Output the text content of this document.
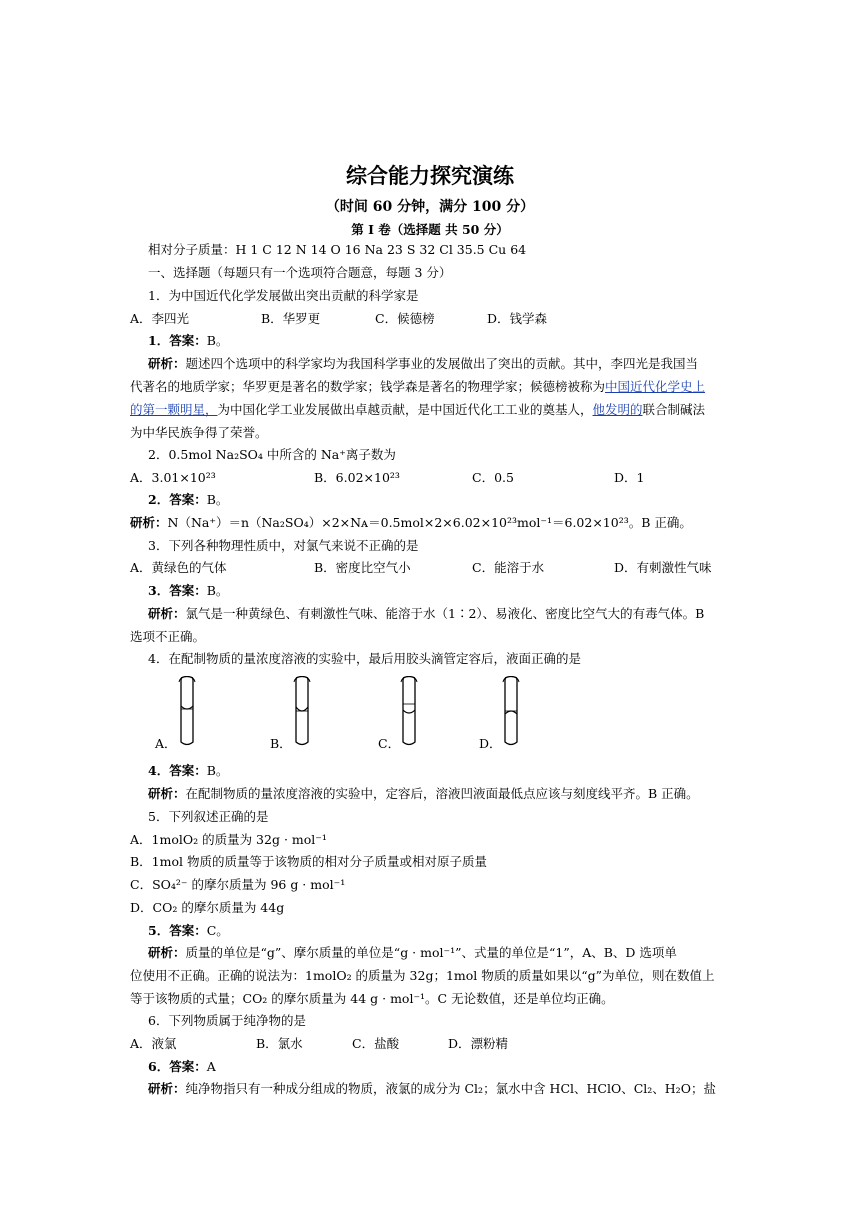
综合能力探究演练
（时间 60 分钟，满分 100 分）
第 I 卷（选择题 共 50 分）
相对分子质量：H 1 C 12 N 14 O 16 Na 23 S 32 Cl 35.5 Cu 64
一、选择题（每题只有一个选项符合题意，每题 3 分）
1．为中国近代化学发展做出突出贡献的科学家是
A．李四光	B．华罗更	C．候德榜	D．钱学森
1．答案：B。
研析：题述四个选项中的科学家均为我国科学事业的发展做出了突出的贡献。其中，李四光是我国当
代著名的地质学家；华罗更是著名的数学家；钱学森是著名的物理学家；候德榜被称为中国近代化学史上
的第一颗明星，为中国化学工业发展做出卓越贡献，是中国近代化工工业的奠基人，他发明的联合制碱法
为中华民族争得了荣誉。
2．0.5mol Na₂SO₄ 中所含的 Na⁺离子数为
A．3.01×10²³	B．6.02×10²³	C．0.5	D．1
2．答案：B。
研析：N（Na⁺）＝n（Na₂SO₄）×2×Nᴀ＝0.5mol×2×6.02×10²³mol⁻¹＝6.02×10²³。B 正确。
3．下列各种物理性质中，对氯气来说不正确的是
A．黄绿色的气体	B．密度比空气小	C．能溶于水	D．有刺激性气味
3．答案：B。
研析：氯气是一种黄绿色、有刺激性气味、能溶于水（1∶2）、易液化、密度比空气大的有毒气体。B
选项不正确。
4．在配制物质的量浓度溶液的实验中，最后用胶头滴管定容后，液面正确的是
A．	B．	C．	D．
4．答案：B。
研析：在配制物质的量浓度溶液的实验中，定容后，溶液凹液面最低点应该与刻度线平齐。B 正确。
5．下列叙述正确的是
A．1molO₂ 的质量为 32g · mol⁻¹
B．1mol 物质的质量等于该物质的相对分子质量或相对原子质量
C．SO₄²⁻ 的摩尔质量为 96 g · mol⁻¹
D．CO₂ 的摩尔质量为 44g
5．答案：C。
研析：质量的单位是“g”、摩尔质量的单位是“g · mol⁻¹”、式量的单位是“1”，A、B、D 选项单
位使用不正确。正确的说法为：1molO₂ 的质量为 32g；1mol 物质的质量如果以“g”为单位，则在数值上
等于该物质的式量；CO₂ 的摩尔质量为 44 g · mol⁻¹。C 无论数值，还是单位均正确。
6．下列物质属于纯净物的是
A．液氯	B．氯水	C．盐酸	D．漂粉精
6．答案：A
研析：纯净物指只有一种成分组成的物质，液氯的成分为 Cl₂；氯水中含 HCl、HClO、Cl₂、H₂O；盐
